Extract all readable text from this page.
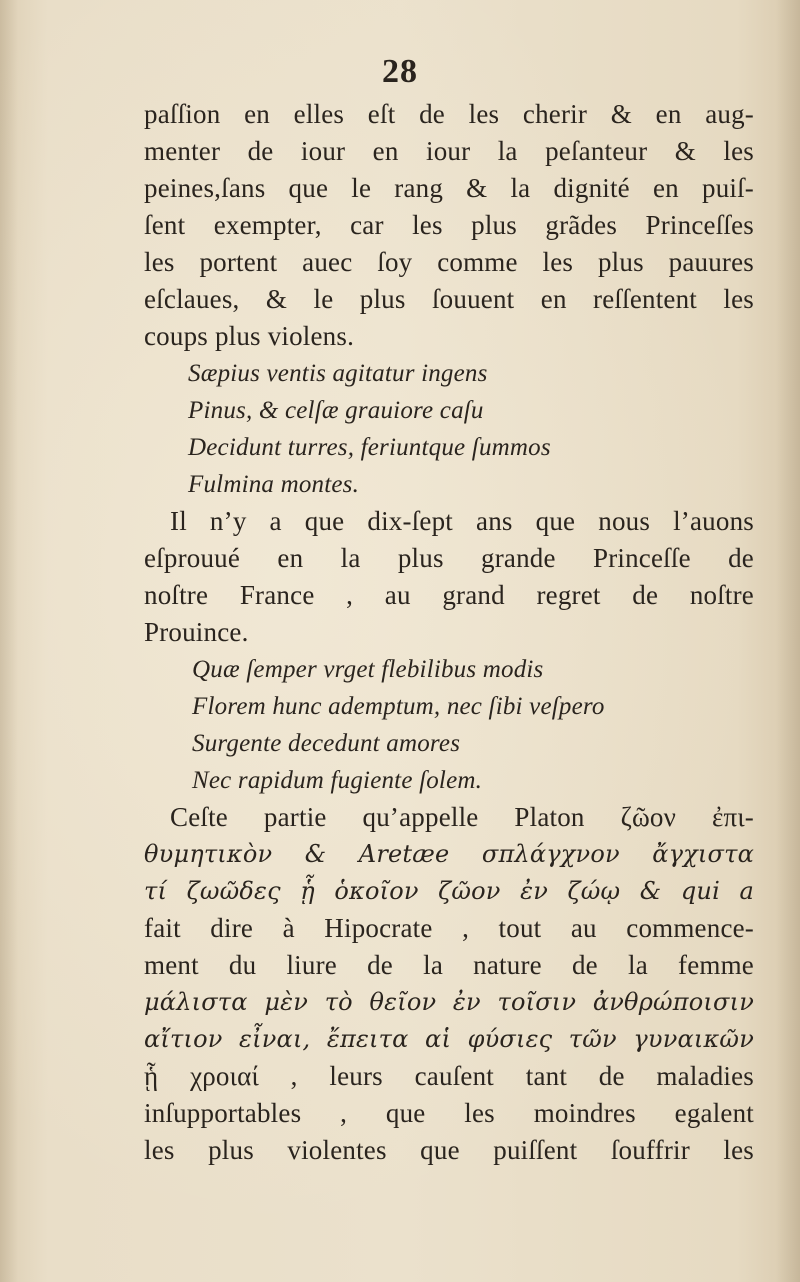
28
paſſion en elles eſt de les cherir & en aug-
menter de iour en iour la peſanteur & les
peines,ſans que le rang & la dignité en puiſ-
ſent exempter, car les plus grãdes Princeſſes
les portent auec ſoy comme les plus pauures
eſclaues, & le plus ſouuent en reſſentent les
coups plus violens.
Sæpius ventis agitatur ingens
Pinus, & celſæ grauiore caſu
Decidunt turres, feriuntque ſummos
Fulmina montes.
Il n’y a que dix-ſept ans que nous l’auons
eſprouué en la plus grande Princeſſe de
noſtre France , au grand regret de noſtre
Prouince.
Quæ ſemper vrget flebilibus modis
Florem hunc ademptum, nec ſibi veſpero
Surgente decedunt amores
Nec rapidum fugiente ſolem.
Ceſte partie qu’appelle Platon ζῶον ἐπι-
θυμητικὸν & Aretæe σπλάγχνον ἄγχιστα
τί ζωῶδες ᾗ ὁκοῖον ζῶον ἐν ζώῳ & qui a
fait dire à Hipocrate , tout au commence-
ment du liure de la nature de la femme
μάλιστα μὲν τὸ θεῖον ἐν τοῖσιν ἀνθρώποισιν
αἴτιον εἶναι, ἔπειτα αἱ φύσιες τῶν γυναικῶν
ᾗ χροιαί , leurs cauſent tant de maladies
inſupportables , que les moindres egalent
les plus violentes que puiſſent ſouffrir les
